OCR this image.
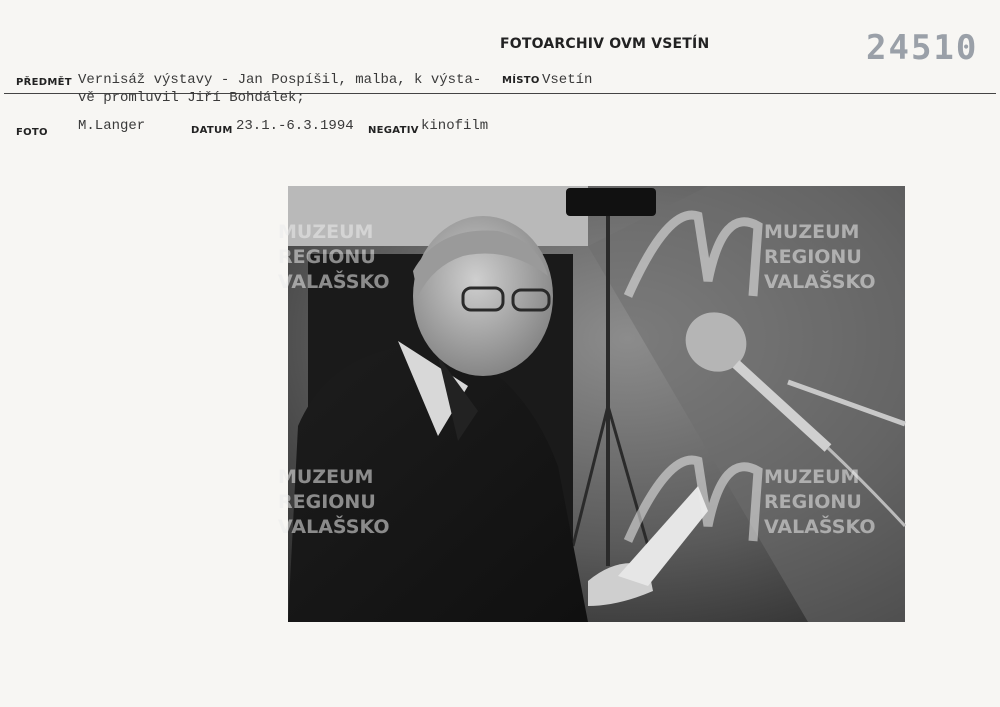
FOTOARCHIV OVM VSETÍN	24510
PŘEDMĚT Vernisáž výstavy - Jan Pospíšil, malba, k výsta- MÍSTO Vsetín
vě promluvil Jiří Bohdálek;
FOTO M.Langer	DATUM 23.1.-6.3.1994 NEGATIV kinofilm
MUZEUM
REGIONU
VALAŠSKO
MUZEUM
REGIONU
VALAŠSKO
MUZEUM
REGIONU
VALAŠSKO
MUZEUM
REGIONU
VALAŠSKO
